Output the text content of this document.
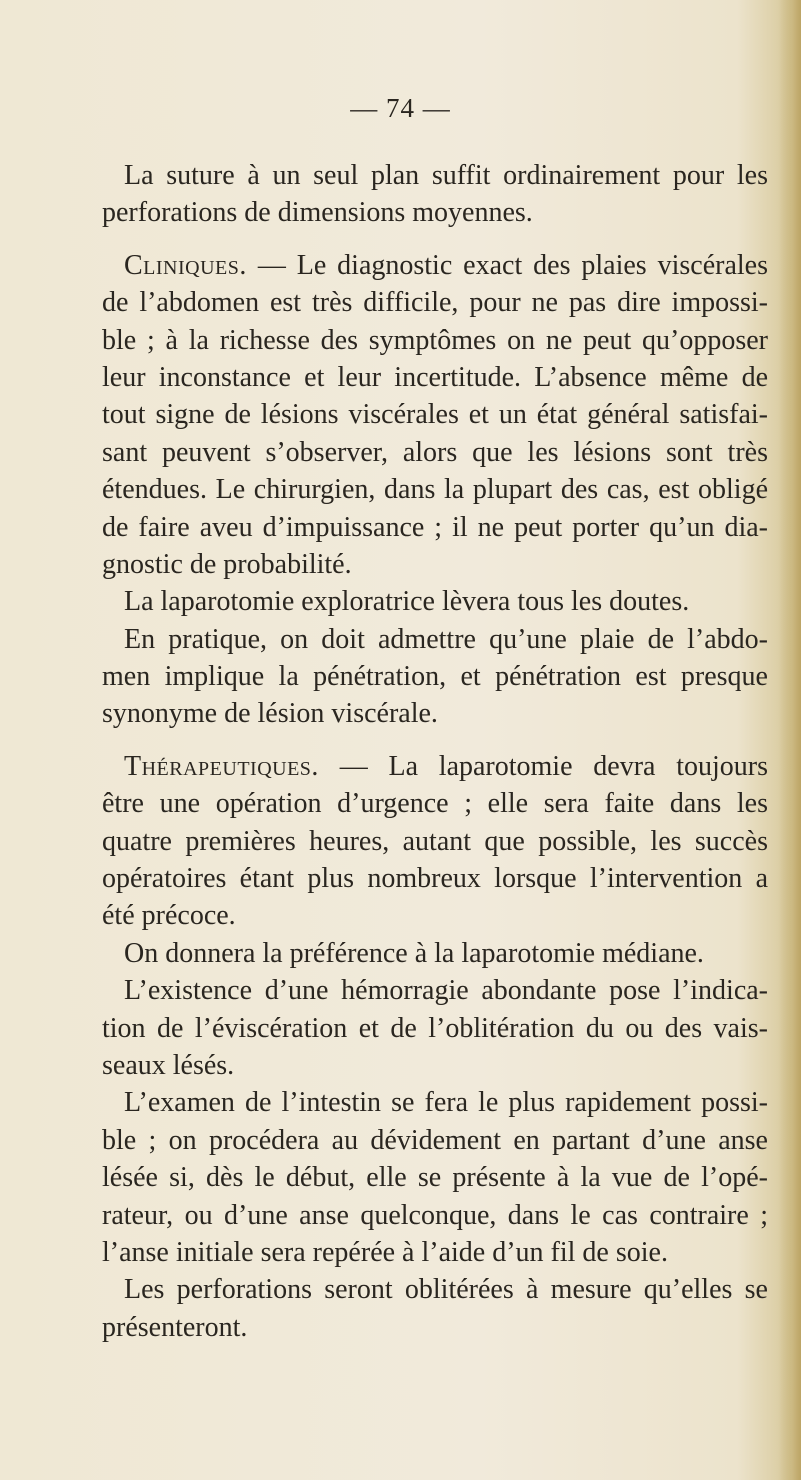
— 74 —
La suture à un seul plan suffit ordinairement pour les
perforations de dimensions moyennes.
Cliniques. — Le diagnostic exact des plaies viscérales
de l’abdomen est très difficile, pour ne pas dire impossi-
ble ; à la richesse des symptômes on ne peut qu’opposer
leur inconstance et leur incertitude. L’absence même de
tout signe de lésions viscérales et un état général satisfai-
sant peuvent s’observer, alors que les lésions sont très
étendues. Le chirurgien, dans la plupart des cas, est obligé
de faire aveu d’impuissance ; il ne peut porter qu’un dia-
gnostic de probabilité.
La laparotomie exploratrice lèvera tous les doutes.
En pratique, on doit admettre qu’une plaie de l’abdo-
men implique la pénétration, et pénétration est presque
synonyme de lésion viscérale.
Thérapeutiques. — La laparotomie devra toujours
être une opération d’urgence ; elle sera faite dans les
quatre premières heures, autant que possible, les succès
opératoires étant plus nombreux lorsque l’intervention a
été précoce.
On donnera la préférence à la laparotomie médiane.
L’existence d’une hémorragie abondante pose l’indica-
tion de l’éviscération et de l’oblitération du ou des vais-
seaux lésés.
L’examen de l’intestin se fera le plus rapidement possi-
ble ; on procédera au dévidement en partant d’une anse
lésée si, dès le début, elle se présente à la vue de l’opé-
rateur, ou d’une anse quelconque, dans le cas contraire ;
l’anse initiale sera repérée à l’aide d’un fil de soie.
Les perforations seront oblitérées à mesure qu’elles se
présenteront.
